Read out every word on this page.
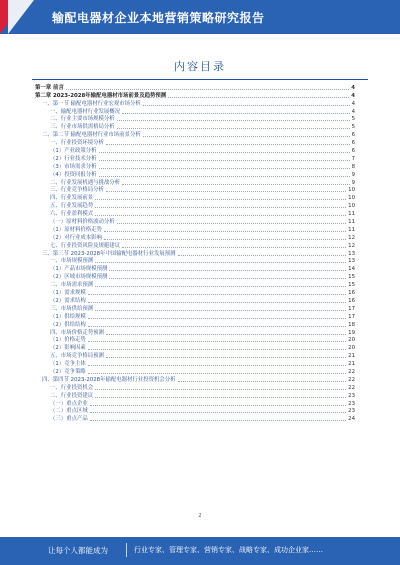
输配电器材企业本地营销策略研究报告
内容目录
第一章 前言	4
第二章 2023-2028年输配电器材市场前景及趋势预测	4
一、第一节 输配电器材行业宏观市场分析	4
一、输配电器材行业发展概况	4
二、行业主要市场规模分析	5
三、行业市场供需格局分析	5
二、第二节 输配电器材行业市场前景分析	6
一、行业投资环境分析	6
（1）产业政策分析	6
（2）行业技术分析	7
（3）市场需求分析	8
（4）投资回报分析	9
二、行业发展机遇与挑战分析	9
三、行业竞争格局分析	10
四、行业发展前景	10
五、行业发展趋势	10
六、行业盈利模式	11
（一）原材料价格波动分析	11
（1）原材料价格走势	11
（2）对行业成本影响	12
七、行业投资风险及规避建议	12
三、第三节 2023-2028年中国输配电器材行业发展预测	13
一、市场规模预测	13
（1）产品市场规模预测	14
（2）区域市场规模预测	15
二、市场需求预测	15
（1）需求规模	16
（2）需求结构	16
三、市场供给预测	17
（1）供给规模	17
（2）供给结构	18
四、市场价格走势预测	19
（1）价格走势	20
（2）影响因素	20
五、市场竞争格局预测	21
（1）竞争主体	21
（2）竞争策略	22
四、第四节 2023-2028年输配电器材行业投资机会分析	22
一、行业投资机会	22
二、行业投资建议	23
（一）重点企业	23
（二）重点区域	23
（三）重点产品	24
2
让每个人都能成为	行业专家、管理专家、营销专家、战略专家、成功企业家……
